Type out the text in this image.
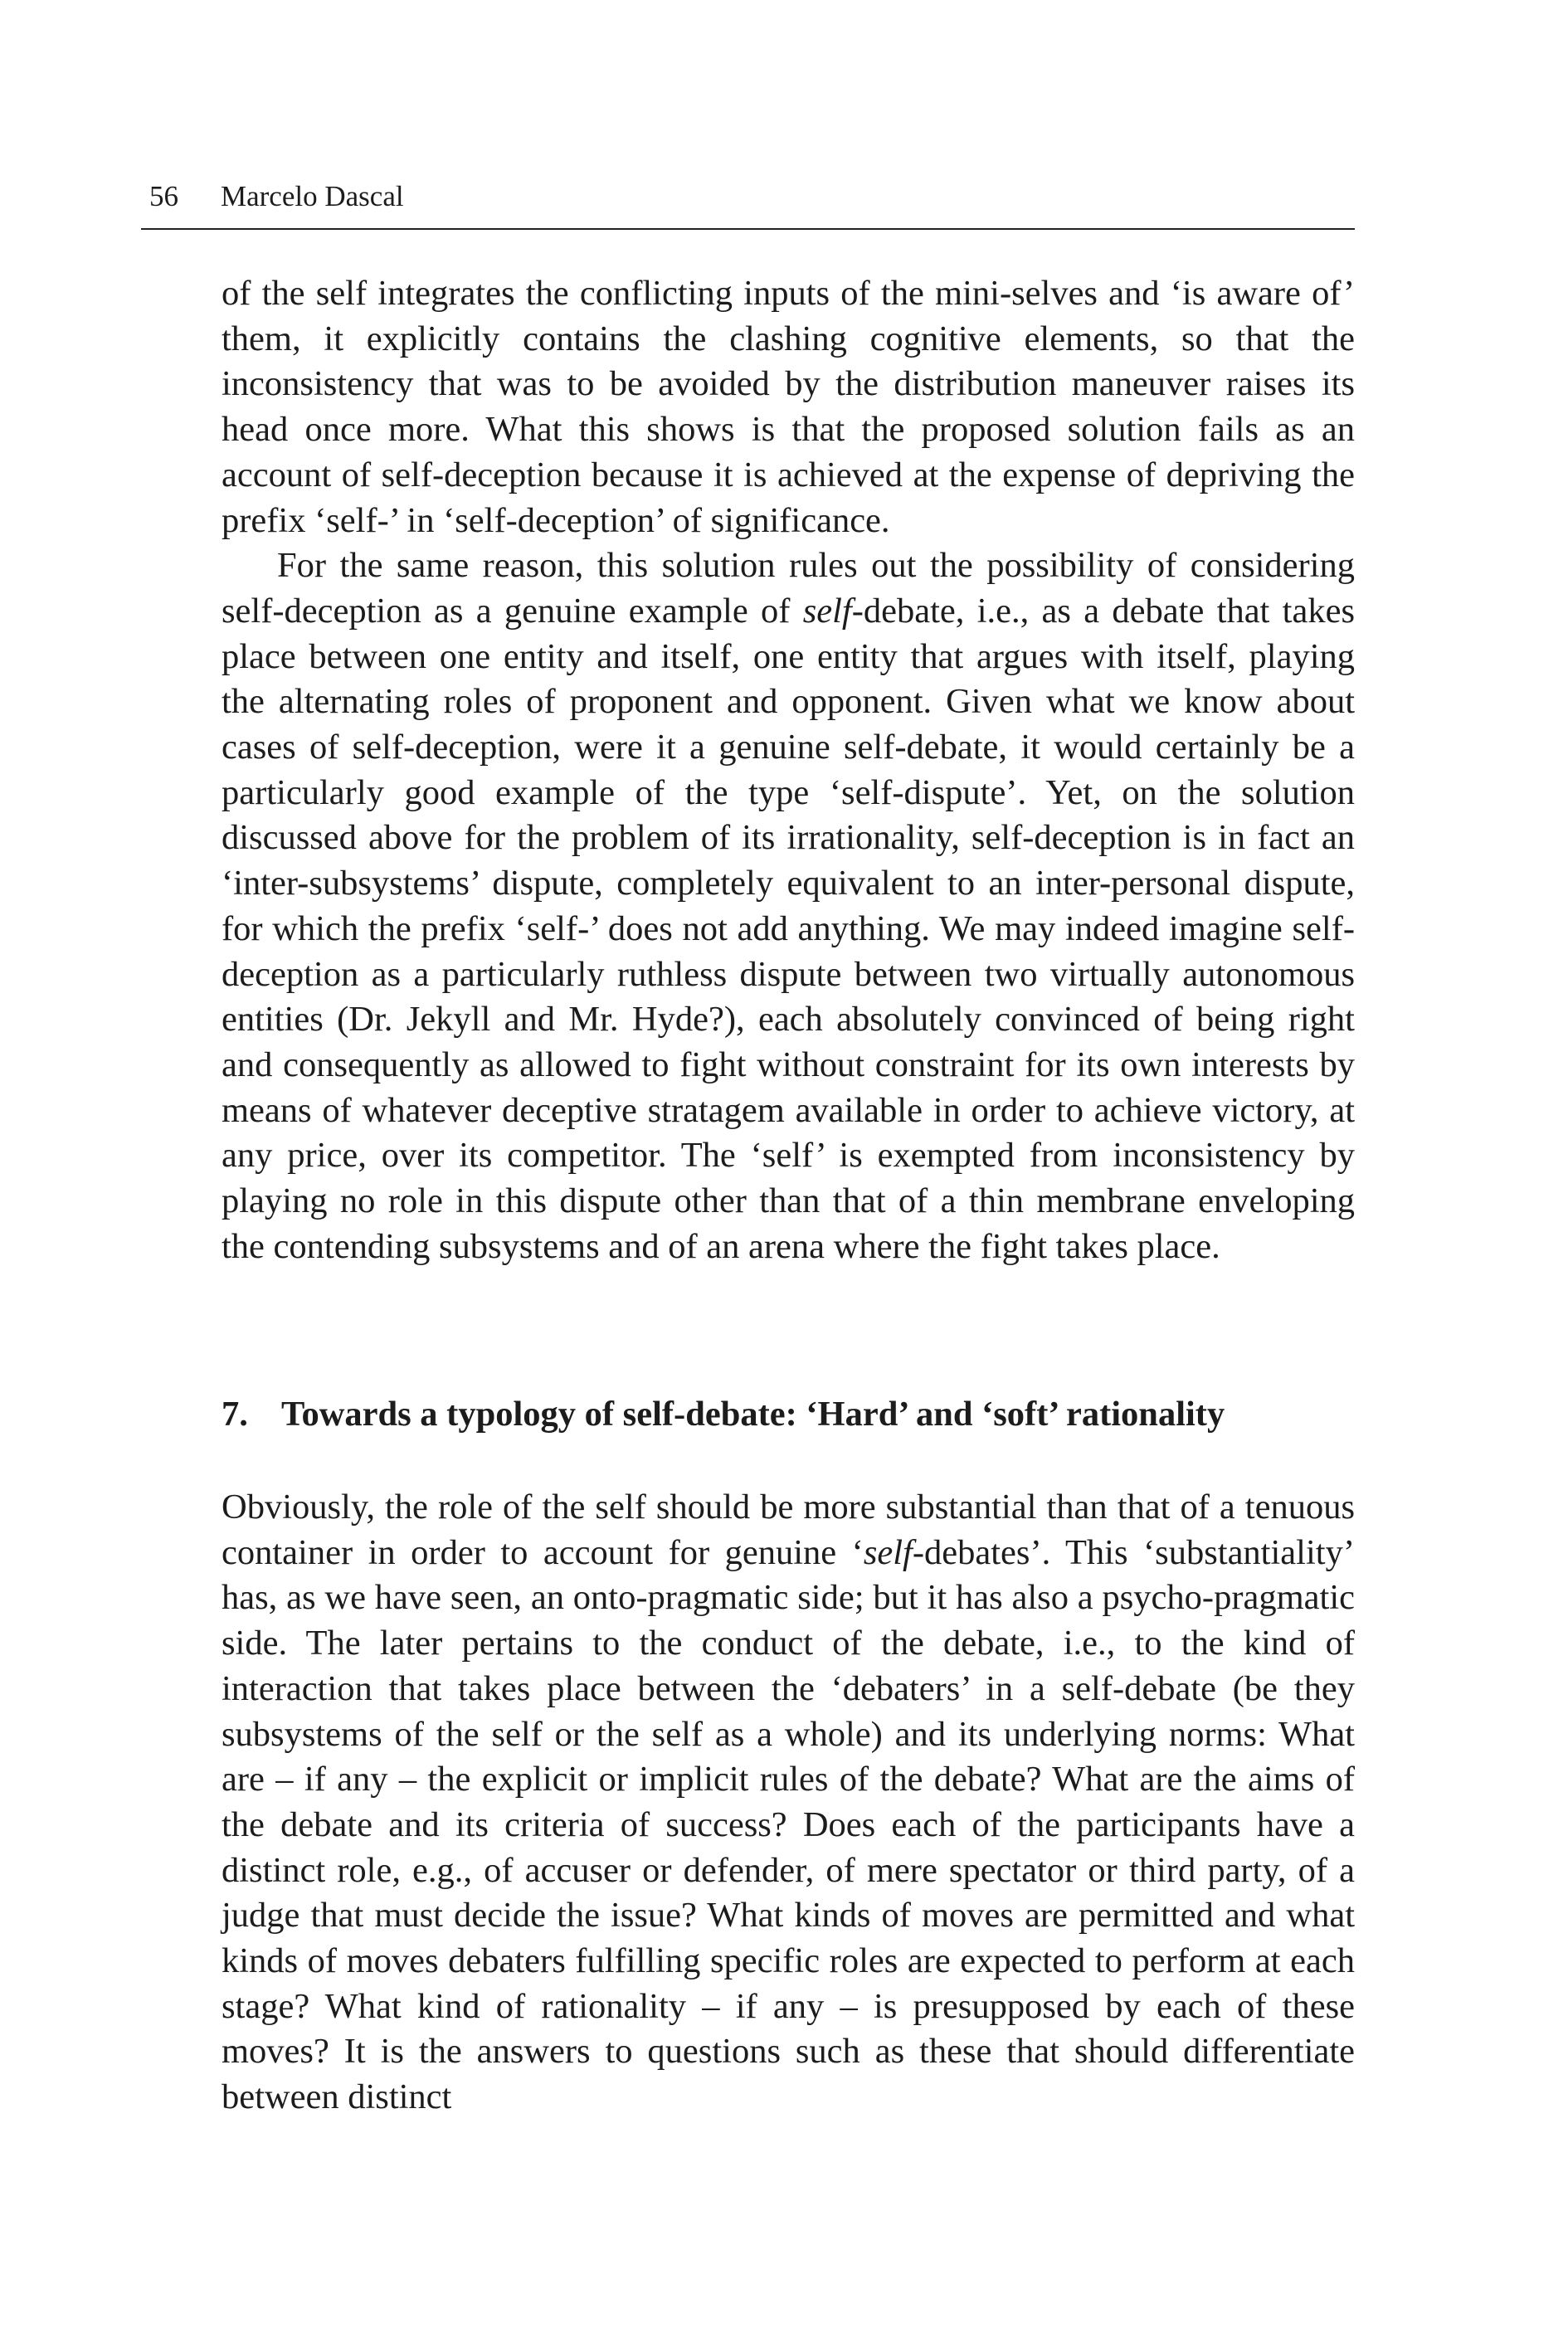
56 Marcelo Dascal

of the self integrates the conflicting inputs of the mini-selves and ‘is aware of’ them, it explicitly contains the clashing cognitive elements, so that the inconsistency that was to be avoided by the distribution maneuver raises its head once more. What this shows is that the proposed solution fails as an account of self-deception because it is achieved at the expense of depriving the prefix ‘self-’ in ‘self-deception’ of significance.

For the same reason, this solution rules out the possibility of considering self-deception as a genuine example of self-debate, i.e., as a debate that takes place between one entity and itself, one entity that argues with itself, playing the alternating roles of proponent and opponent. Given what we know about cases of self-deception, were it a genuine self-debate, it would certainly be a particularly good example of the type ‘self-dispute’. Yet, on the solution discussed above for the problem of its irrationality, self-deception is in fact an ‘inter-subsystems’ dispute, completely equivalent to an inter-personal dispute, for which the prefix ‘self-’ does not add anything. We may indeed imagine self-deception as a particularly ruthless dispute between two virtually autonomous entities (Dr. Jekyll and Mr. Hyde?), each absolutely convinced of being right and consequently as allowed to fight without constraint for its own interests by means of whatever deceptive stratagem available in order to achieve victory, at any price, over its competitor. The ‘self’ is exempted from inconsistency by playing no role in this dispute other than that of a thin membrane enveloping the contending subsystems and of an arena where the fight takes place.

7. Towards a typology of self-debate: ‘Hard’ and ‘soft’ rationality

Obviously, the role of the self should be more substantial than that of a tenuous container in order to account for genuine ‘self-debates’. This ‘substantiality’ has, as we have seen, an onto-pragmatic side; but it has also a psycho-pragmatic side. The later pertains to the conduct of the debate, i.e., to the kind of interaction that takes place between the ‘debaters’ in a self-debate (be they subsystems of the self or the self as a whole) and its underlying norms: What are – if any – the explicit or implicit rules of the debate? What are the aims of the debate and its criteria of success? Does each of the participants have a distinct role, e.g., of accuser or defender, of mere spectator or third party, of a judge that must decide the issue? What kinds of moves are permitted and what kinds of moves debaters fulfilling specific roles are expected to perform at each stage? What kind of rationality – if any – is presupposed by each of these moves? It is the answers to questions such as these that should differentiate between distinct
